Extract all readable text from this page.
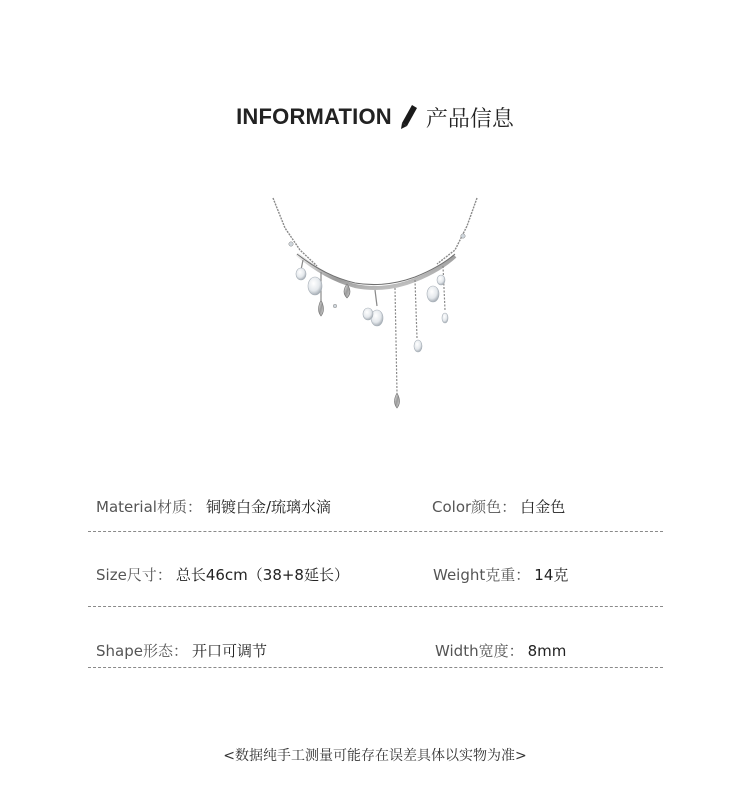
INFORMATION 产品信息
Material材质： 铜镀白金/琉璃水滴	Color颜色： 白金色
Size尺寸： 总长46cm（38+8延长）	Weight克重： 14克
Shape形态： 开口可调节	Width宽度： 8mm
<数据纯手工测量可能存在误差具体以实物为准>
